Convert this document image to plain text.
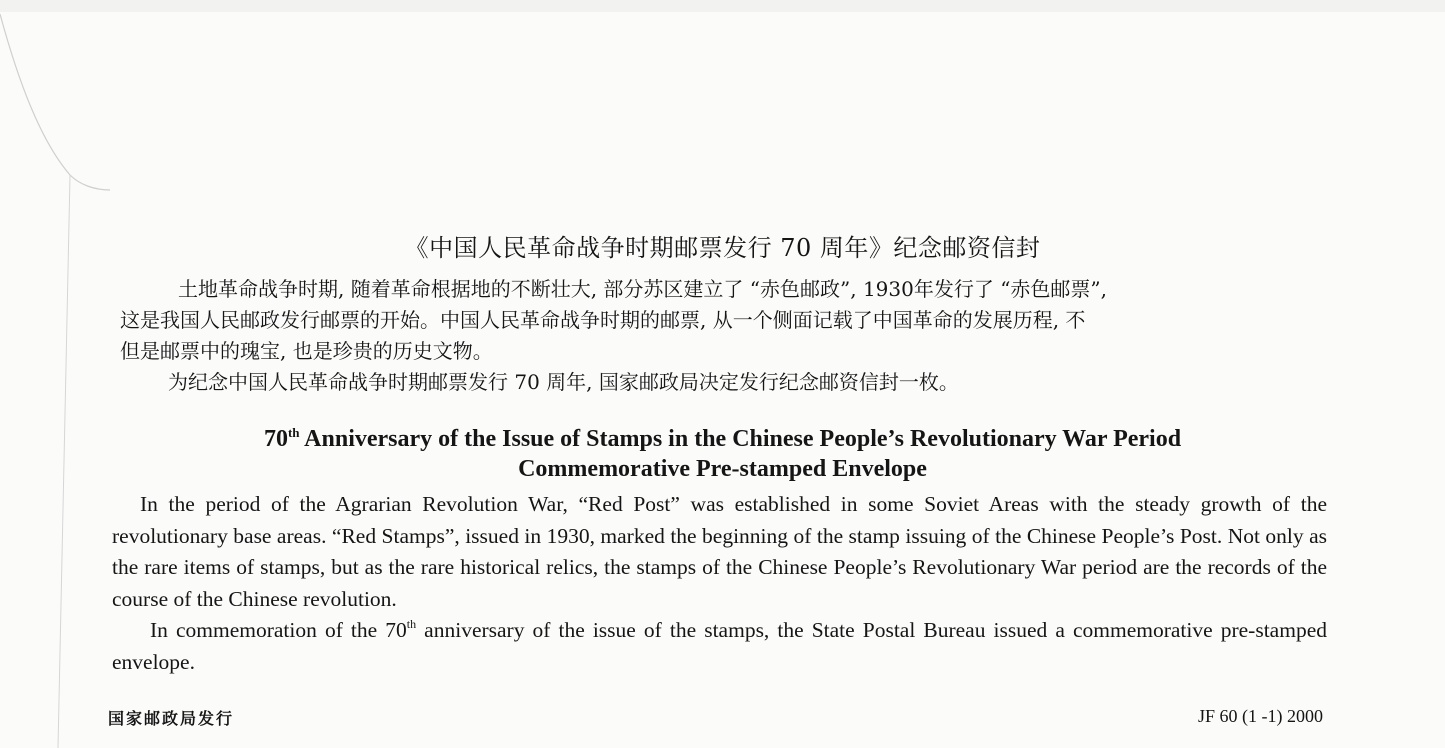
《中国人民革命战争时期邮票发行 70 周年》纪念邮资信封

土地革命战争时期, 随着革命根据地的不断壮大, 部分苏区建立了 “赤色邮政”, 1930年发行了 “赤色邮票”,

这是我国人民邮政发行邮票的开始。中国人民革命战争时期的邮票, 从一个侧面记载了中国革命的发展历程, 不

但是邮票中的瑰宝, 也是珍贵的历史文物。

为纪念中国人民革命战争时期邮票发行 70 周年, 国家邮政局决定发行纪念邮资信封一枚。

70th Anniversary of the Issue of Stamps in the Chinese People’s Revolutionary War Period
Commemorative Pre-stamped Envelope

In the period of the Agrarian Revolution War, “Red Post” was established in some Soviet Areas with the steady growth of the revolutionary base areas. “Red Stamps”, issued in 1930, marked the beginning of the stamp issuing of the Chinese People’s Post. Not only as the rare items of stamps, but as the rare historical relics, the stamps of the Chinese People’s Revolutionary War period are the records of the course of the Chinese revolution.

In commemoration of the 70th anniversary of the issue of the stamps, the State Postal Bureau issued a commemorative pre-stamped envelope.

国家邮政局发行	JF 60 (1 -1) 2000
